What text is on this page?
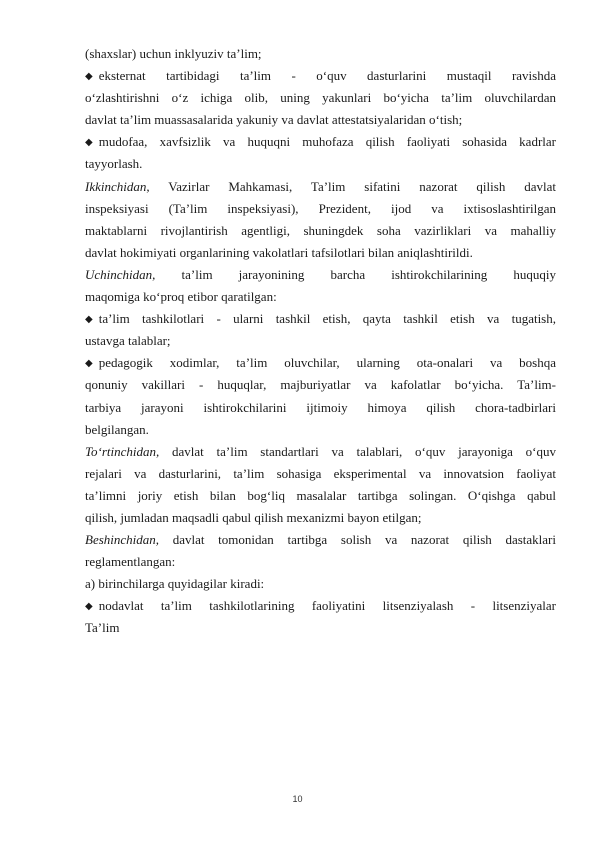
(shaxslar) uchun inklyuziv ta’lim;
◆ eksternat tartibidagi ta’lim - o‘quv dasturlarini mustaqil ravishda
o‘zlashtirishni o‘z ichiga olib, uning yakunlari bo‘yicha ta’lim oluvchilardan
davlat ta’lim muassasalarida yakuniy va davlat attestatsiyalaridan o‘tish;
◆ mudofaa, xavfsizlik va huquqni muhofaza qilish faoliyati sohasida kadrlar
tayyorlash.
Ikkinchidan, Vazirlar Mahkamasi, Ta’lim sifatini nazorat qilish davlat
inspeksiyasi (Ta’lim inspeksiyasi), Prezident, ijod va ixtisoslashtirilgan
maktablarni rivojlantirish agentligi, shuningdek soha vazirliklari va mahalliy
davlat hokimiyati organlarining vakolatlari tafsilotlari bilan aniqlashtirildi.
Uchinchidan, ta’lim jarayonining barcha ishtirokchilarining huquqiy
maqomiga ko‘proq etibor qaratilgan:
◆ ta’lim tashkilotlari - ularni tashkil etish, qayta tashkil etish va tugatish,
ustavga talablar;
◆ pedagogik xodimlar, ta’lim oluvchilar, ularning ota-onalari va boshqa
qonuniy vakillari - huquqlar, majburiyatlar va kafolatlar bo‘yicha. Ta’lim-
tarbiya jarayoni ishtirokchilarini ijtimoiy himoya qilish chora-tadbirlari
belgilangan.
To‘rtinchidan, davlat ta’lim standartlari va talablari, o‘quv jarayoniga o‘quv
rejalari va dasturlarini, ta’lim sohasiga eksperimental va innovatsion faoliyat
ta’limni joriy etish bilan bog‘liq masalalar tartibga solingan. O‘qishga qabul
qilish, jumladan maqsadli qabul qilish mexanizmi bayon etilgan;
Beshinchidan, davlat tomonidan tartibga solish va nazorat qilish dastaklari
reglamentlangan:
a) birinchilarga quyidagilar kiradi:
◆ nodavlat ta’lim tashkilotlarining faoliyatini litsenziyalash - litsenziyalar
Ta’lim
10
